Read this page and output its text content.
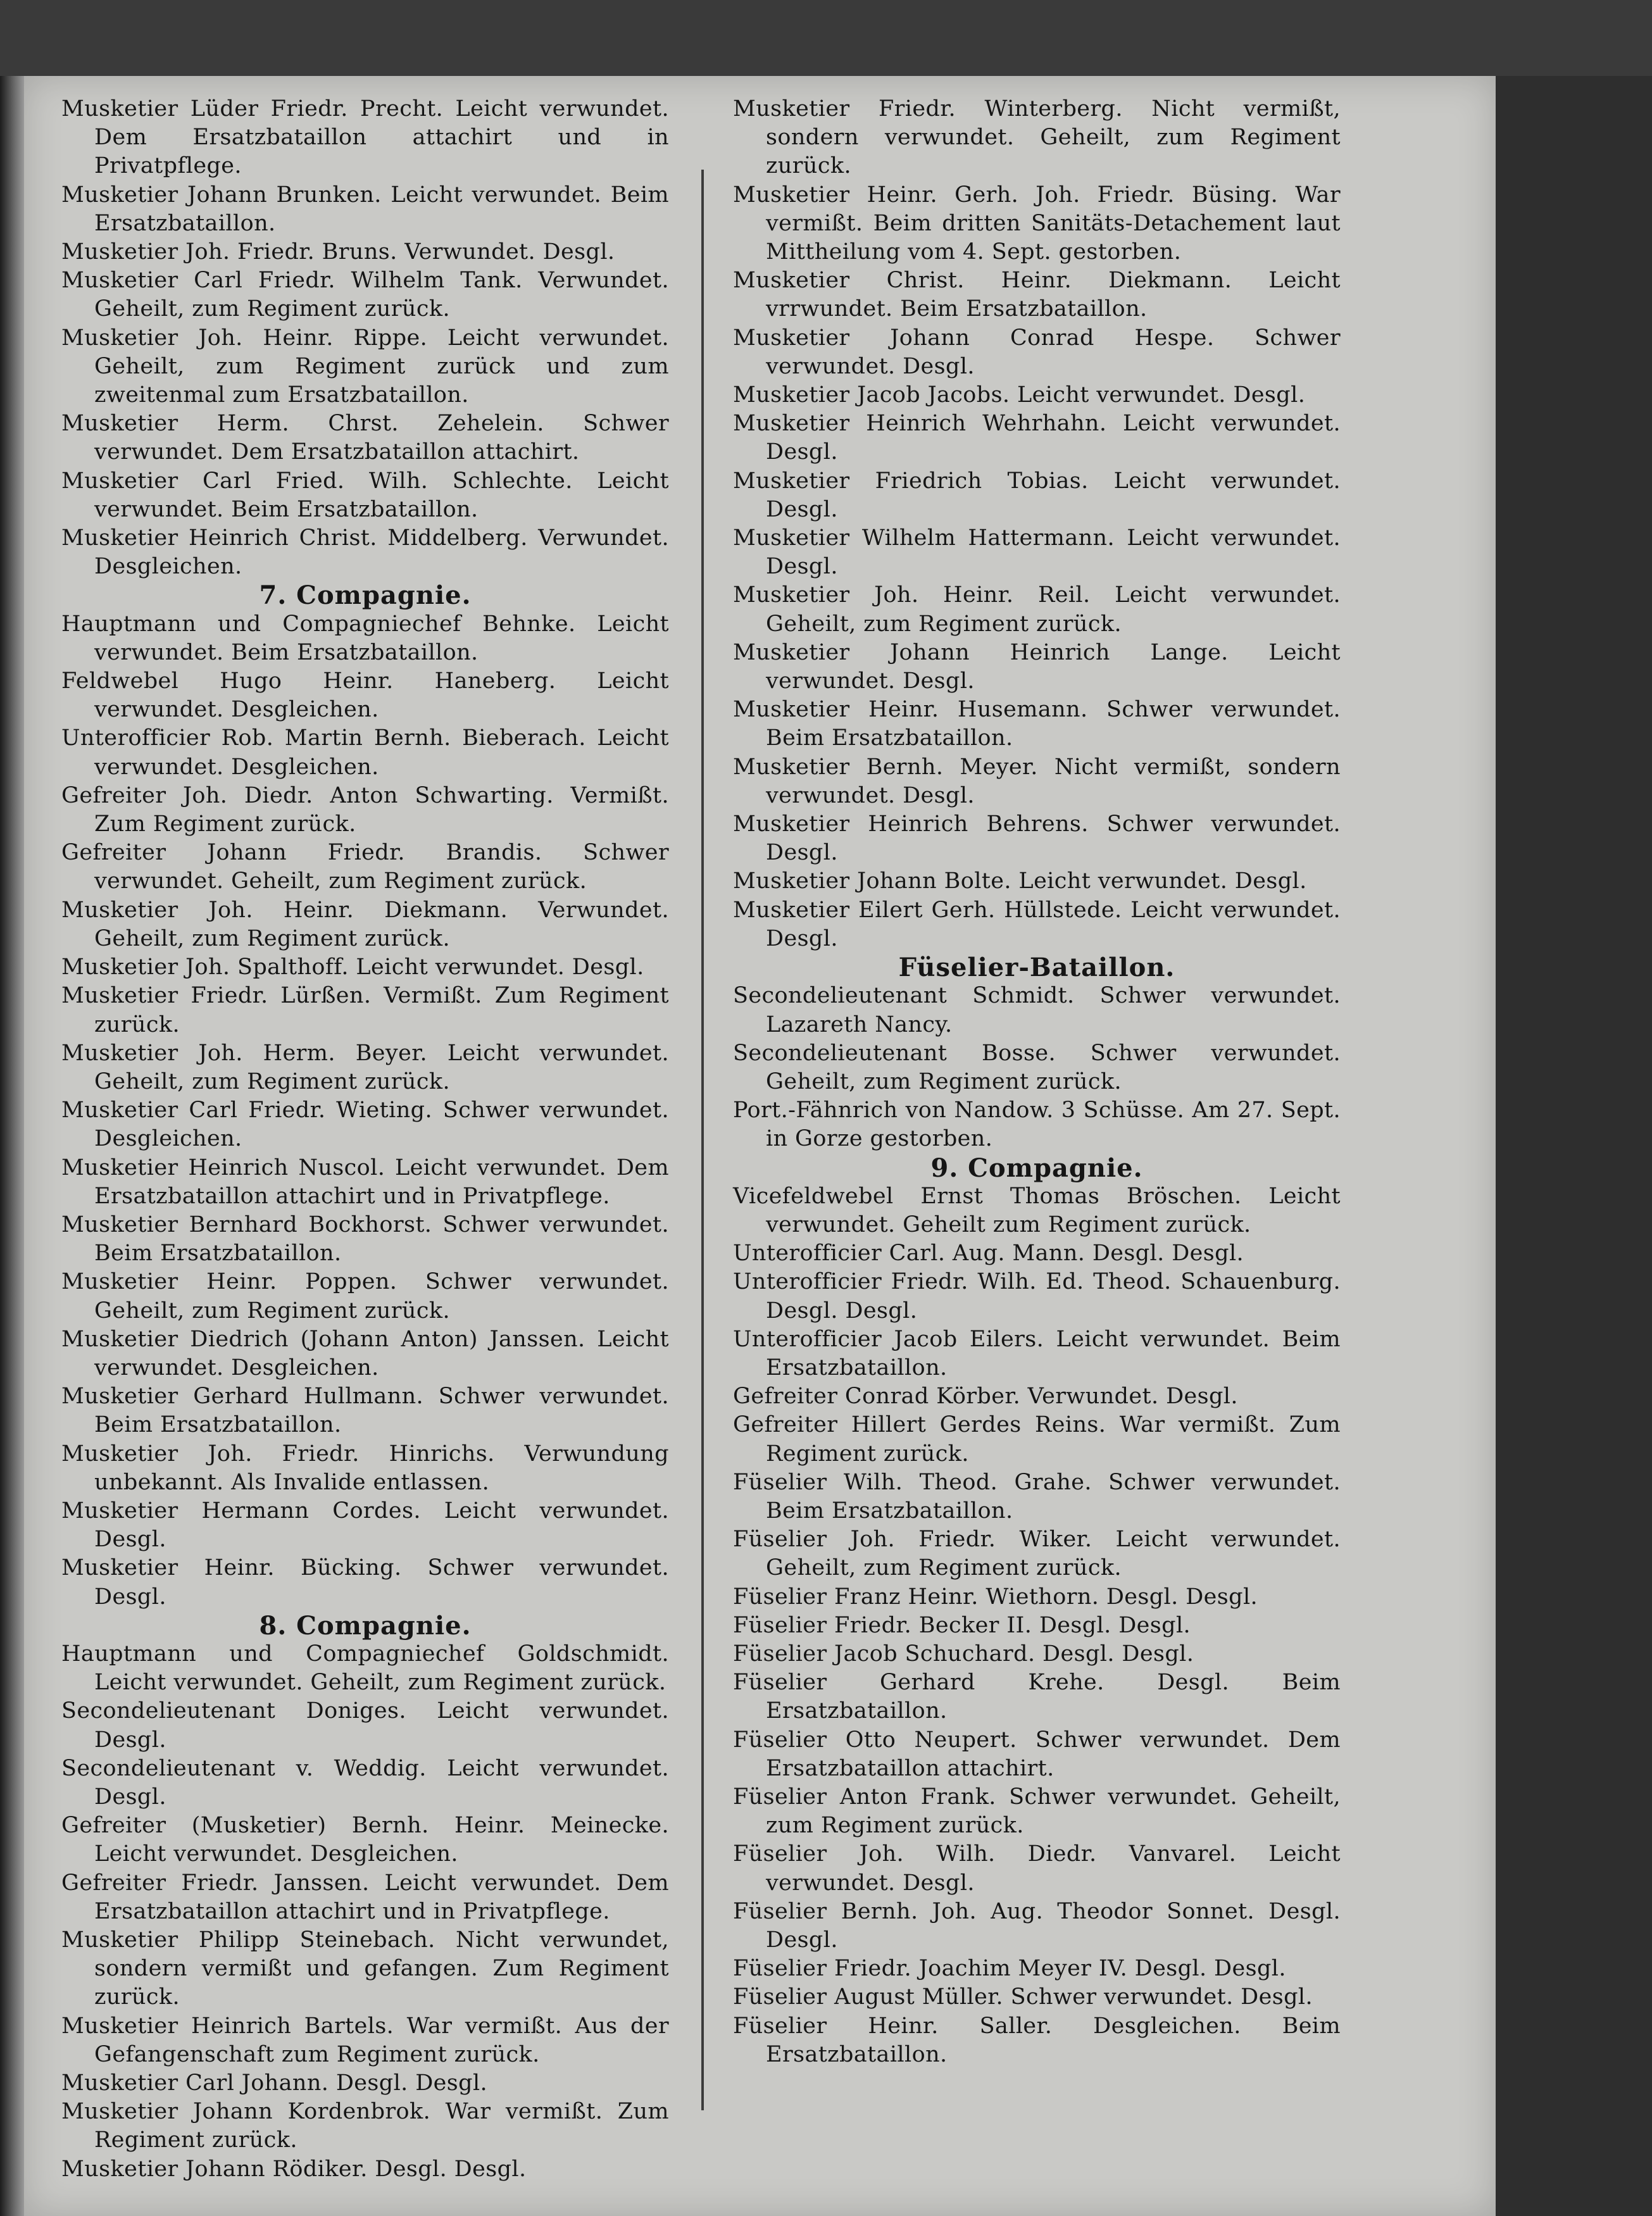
Musketier Lüder Friedr. Precht. Leicht verwundet. Dem Ersatzbataillon attachirt und in Privatpflege.

Musketier Johann Brunken. Leicht verwundet. Beim Ersatzbataillon.

Musketier Joh. Friedr. Bruns. Verwundet. Desgl.

Musketier Carl Friedr. Wilhelm Tank. Verwundet. Geheilt, zum Regiment zurück.

Musketier Joh. Heinr. Rippe. Leicht verwundet. Geheilt, zum Regiment zurück und zum zweitenmal zum Ersatzbataillon.

Musketier Herm. Chrst. Zehelein. Schwer verwundet. Dem Ersatzbataillon attachirt.

Musketier Carl Fried. Wilh. Schlechte. Leicht verwundet. Beim Ersatzbataillon.

Musketier Heinrich Christ. Middelberg. Verwundet. Desgleichen.

7. Compagnie.

Hauptmann und Compagniechef Behnke. Leicht verwundet. Beim Ersatzbataillon.

Feldwebel Hugo Heinr. Haneberg. Leicht verwundet. Desgleichen.

Unterofficier Rob. Martin Bernh. Bieberach. Leicht verwundet. Desgleichen.

Gefreiter Joh. Diedr. Anton Schwarting. Vermißt. Zum Regiment zurück.

Gefreiter Johann Friedr. Brandis. Schwer verwundet. Geheilt, zum Regiment zurück.

Musketier Joh. Heinr. Diekmann. Verwundet. Geheilt, zum Regiment zurück.

Musketier Joh. Spalthoff. Leicht verwundet. Desgl.

Musketier Friedr. Lürßen. Vermißt. Zum Regiment zurück.

Musketier Joh. Herm. Beyer. Leicht verwundet. Geheilt, zum Regiment zurück.

Musketier Carl Friedr. Wieting. Schwer verwundet. Desgleichen.

Musketier Heinrich Nuscol. Leicht verwundet. Dem Ersatzbataillon attachirt und in Privatpflege.

Musketier Bernhard Bockhorst. Schwer verwundet. Beim Ersatzbataillon.

Musketier Heinr. Poppen. Schwer verwundet. Geheilt, zum Regiment zurück.

Musketier Diedrich (Johann Anton) Janssen. Leicht verwundet. Desgleichen.

Musketier Gerhard Hullmann. Schwer verwundet. Beim Ersatzbataillon.

Musketier Joh. Friedr. Hinrichs. Verwundung unbekannt. Als Invalide entlassen.

Musketier Hermann Cordes. Leicht verwundet. Desgl.

Musketier Heinr. Bücking. Schwer verwundet. Desgl.

8. Compagnie.

Hauptmann und Compagniechef Goldschmidt. Leicht verwundet. Geheilt, zum Regiment zurück.

Secondelieutenant Doniges. Leicht verwundet. Desgl.

Secondelieutenant v. Weddig. Leicht verwundet. Desgl.

Gefreiter (Musketier) Bernh. Heinr. Meinecke. Leicht verwundet. Desgleichen.

Gefreiter Friedr. Janssen. Leicht verwundet. Dem Ersatzbataillon attachirt und in Privatpflege.

Musketier Philipp Steinebach. Nicht verwundet, sondern vermißt und gefangen. Zum Regiment zurück.

Musketier Heinrich Bartels. War vermißt. Aus der Gefangenschaft zum Regiment zurück.

Musketier Carl Johann. Desgl. Desgl.

Musketier Johann Kordenbrok. War vermißt. Zum Regiment zurück.

Musketier Johann Rödiker. Desgl. Desgl.

Musketier Friedr. Winterberg. Nicht vermißt, sondern verwundet. Geheilt, zum Regiment zurück.

Musketier Heinr. Gerh. Joh. Friedr. Büsing. War vermißt. Beim dritten Sanitäts-Detachement laut Mittheilung vom 4. Sept. gestorben.

Musketier Christ. Heinr. Diekmann. Leicht vrrwundet. Beim Ersatzbataillon.

Musketier Johann Conrad Hespe. Schwer verwundet. Desgl.

Musketier Jacob Jacobs. Leicht verwundet. Desgl.

Musketier Heinrich Wehrhahn. Leicht verwundet. Desgl.

Musketier Friedrich Tobias. Leicht verwundet. Desgl.

Musketier Wilhelm Hattermann. Leicht verwundet. Desgl.

Musketier Joh. Heinr. Reil. Leicht verwundet. Geheilt, zum Regiment zurück.

Musketier Johann Heinrich Lange. Leicht verwundet. Desgl.

Musketier Heinr. Husemann. Schwer verwundet. Beim Ersatzbataillon.

Musketier Bernh. Meyer. Nicht vermißt, sondern verwundet. Desgl.

Musketier Heinrich Behrens. Schwer verwundet. Desgl.

Musketier Johann Bolte. Leicht verwundet. Desgl.

Musketier Eilert Gerh. Hüllstede. Leicht verwundet. Desgl.

Füselier-Bataillon.

Secondelieutenant Schmidt. Schwer verwundet. Lazareth Nancy.

Secondelieutenant Bosse. Schwer verwundet. Geheilt, zum Regiment zurück.

Port.-Fähnrich von Nandow. 3 Schüsse. Am 27. Sept. in Gorze gestorben.

9. Compagnie.

Vicefeldwebel Ernst Thomas Bröschen. Leicht verwundet. Geheilt zum Regiment zurück.

Unterofficier Carl. Aug. Mann. Desgl. Desgl.

Unterofficier Friedr. Wilh. Ed. Theod. Schauenburg. Desgl. Desgl.

Unterofficier Jacob Eilers. Leicht verwundet. Beim Ersatzbataillon.

Gefreiter Conrad Körber. Verwundet. Desgl.

Gefreiter Hillert Gerdes Reins. War vermißt. Zum Regiment zurück.

Füselier Wilh. Theod. Grahe. Schwer verwundet. Beim Ersatzbataillon.

Füselier Joh. Friedr. Wiker. Leicht verwundet. Geheilt, zum Regiment zurück.

Füselier Franz Heinr. Wiethorn. Desgl. Desgl.

Füselier Friedr. Becker II. Desgl. Desgl.

Füselier Jacob Schuchard. Desgl. Desgl.

Füselier Gerhard Krehe. Desgl. Beim Ersatzbataillon.

Füselier Otto Neupert. Schwer verwundet. Dem Ersatzbataillon attachirt.

Füselier Anton Frank. Schwer verwundet. Geheilt, zum Regiment zurück.

Füselier Joh. Wilh. Diedr. Vanvarel. Leicht verwundet. Desgl.

Füselier Bernh. Joh. Aug. Theodor Sonnet. Desgl. Desgl.

Füselier Friedr. Joachim Meyer IV. Desgl. Desgl.

Füselier August Müller. Schwer verwundet. Desgl.

Füselier Heinr. Saller. Desgleichen. Beim Ersatzbataillon.
